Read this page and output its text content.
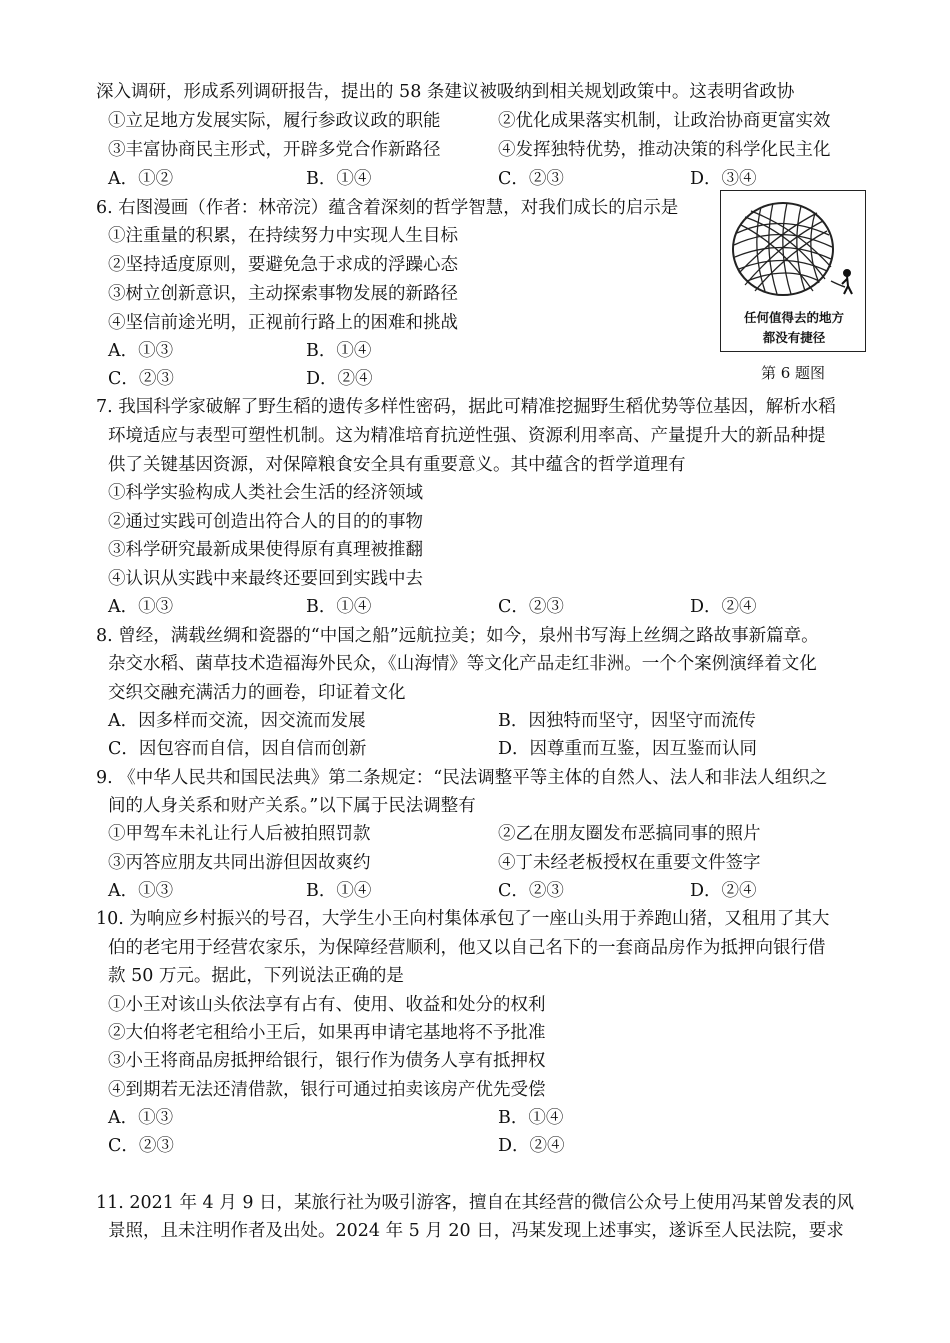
深入调研，形成系列调研报告，提出的 58 条建议被吸纳到相关规划政策中。这表明省政协
①立足地方发展实际，履行参政议政的职能	②优化成果落实机制，让政治协商更富实效
③丰富协商民主形式，开辟多党合作新路径	④发挥独特优势，推动决策的科学化民主化
A．①②	B．①④	C．②③	D．③④
6. 右图漫画（作者：林帝浣）蕴含着深刻的哲学智慧，对我们成长的启示是
①注重量的积累，在持续努力中实现人生目标
②坚持适度原则，要避免急于求成的浮躁心态
③树立创新意识，主动探索事物发展的新路径
④坚信前途光明，正视前行路上的困难和挑战
A．①③	B．①④
C．②③	D．②④
任何值得去的地方
都没有捷径
第 6 题图
7. 我国科学家破解了野生稻的遗传多样性密码，据此可精准挖掘野生稻优势等位基因，解析水稻
环境适应与表型可塑性机制。这为精准培育抗逆性强、资源利用率高、产量提升大的新品种提
供了关键基因资源，对保障粮食安全具有重要意义。其中蕴含的哲学道理有
①科学实验构成人类社会生活的经济领域
②通过实践可创造出符合人的目的的事物
③科学研究最新成果使得原有真理被推翻
④认识从实践中来最终还要回到实践中去
A．①③	B．①④	C．②③	D．②④
8. 曾经，满载丝绸和瓷器的“中国之船”远航拉美；如今，泉州书写海上丝绸之路故事新篇章。
杂交水稻、菌草技术造福海外民众，《山海情》等文化产品走红非洲。一个个案例演绎着文化
交织交融充满活力的画卷，印证着文化
A．因多样而交流，因交流而发展	B．因独特而坚守，因坚守而流传
C．因包容而自信，因自信而创新	D．因尊重而互鉴，因互鉴而认同
9. 《中华人民共和国民法典》第二条规定：“民法调整平等主体的自然人、法人和非法人组织之
间的人身关系和财产关系。”以下属于民法调整有
①甲驾车未礼让行人后被拍照罚款	②乙在朋友圈发布恶搞同事的照片
③丙答应朋友共同出游但因故爽约	④丁未经老板授权在重要文件签字
A．①③	B．①④	C．②③	D．②④
10. 为响应乡村振兴的号召，大学生小王向村集体承包了一座山头用于养跑山猪，又租用了其大
伯的老宅用于经营农家乐，为保障经营顺利，他又以自己名下的一套商品房作为抵押向银行借
款 50 万元。据此，下列说法正确的是
①小王对该山头依法享有占有、使用、收益和处分的权利
②大伯将老宅租给小王后，如果再申请宅基地将不予批准
③小王将商品房抵押给银行，银行作为债务人享有抵押权
④到期若无法还清借款，银行可通过拍卖该房产优先受偿
A．①③	B．①④
C．②③	D．②④
11. 2021 年 4 月 9 日，某旅行社为吸引游客，擅自在其经营的微信公众号上使用冯某曾发表的风
景照，且未注明作者及出处。2024 年 5 月 20 日，冯某发现上述事实，遂诉至人民法院，要求
